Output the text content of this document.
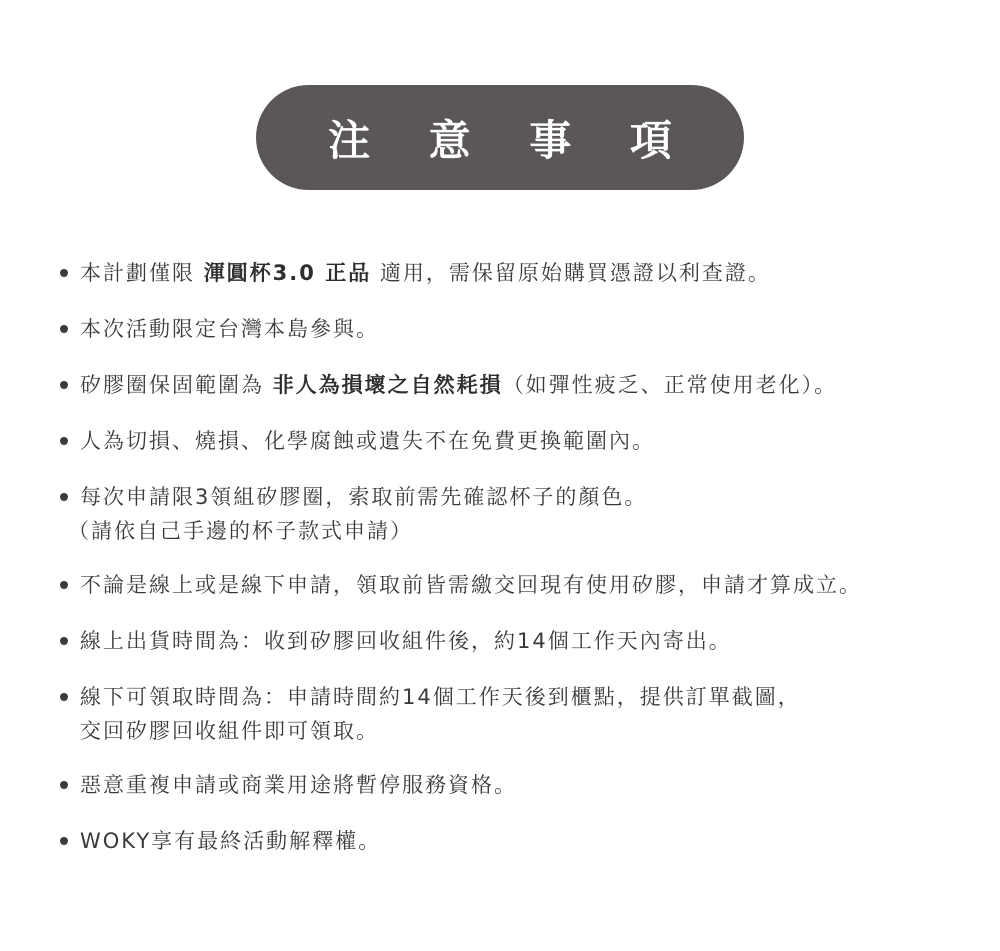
注 意 事 項
本計劃僅限 渾圓杯3.0 正品 適用，需保留原始購買憑證以利查證。
本次活動限定台灣本島參與。
矽膠圈保固範圍為 非人為損壞之自然耗損（如彈性疲乏、正常使用老化）。
人為切損、燒損、化學腐蝕或遺失不在免費更換範圍內。
每次申請限3領組矽膠圈，索取前需先確認杯子的顏色。
（請依自己手邊的杯子款式申請）
不論是線上或是線下申請，領取前皆需繳交回現有使用矽膠，申請才算成立。
線上出貨時間為：收到矽膠回收組件後，約14個工作天內寄出。
線下可領取時間為：申請時間約14個工作天後到櫃點，提供訂單截圖，
交回矽膠回收組件即可領取。
惡意重複申請或商業用途將暫停服務資格。
WOKY享有最終活動解釋權。
